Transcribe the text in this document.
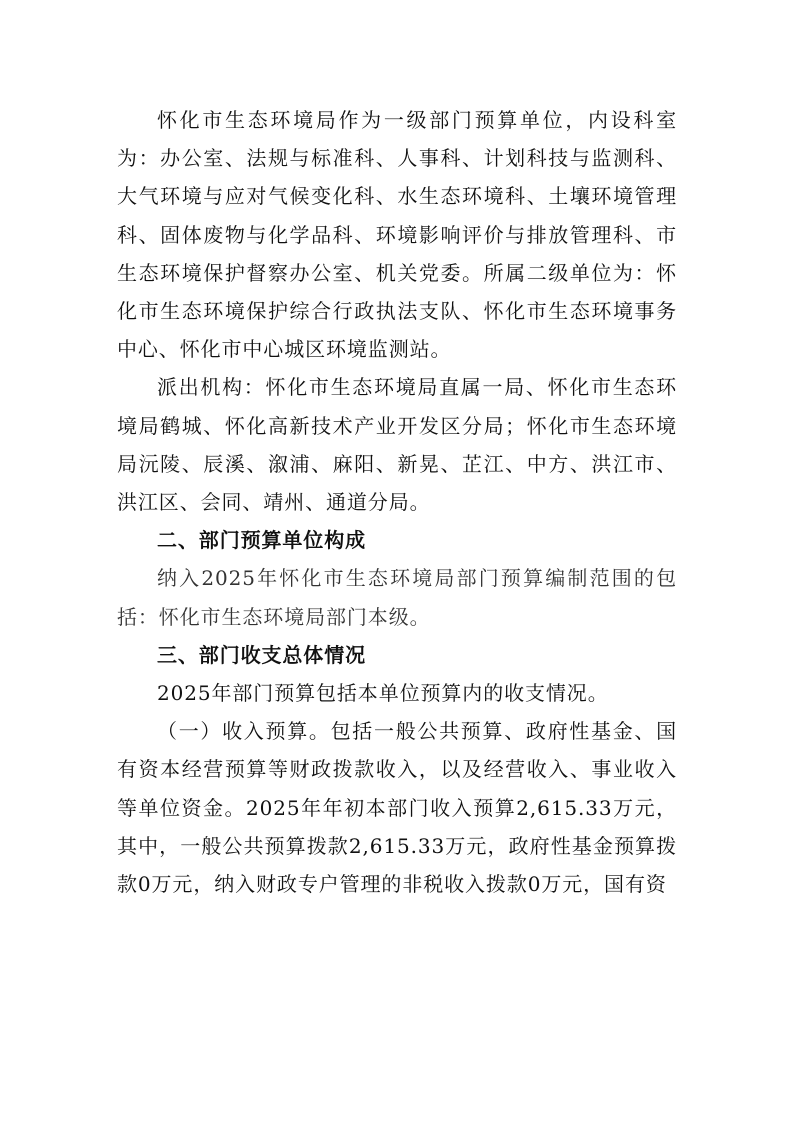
怀化市生态环境局作为一级部门预算单位，内设科室为：办公室、法规与标准科、人事科、计划科技与监测科、大气环境与应对气候变化科、水生态环境科、土壤环境管理科、固体废物与化学品科、环境影响评价与排放管理科、市生态环境保护督察办公室、机关党委。所属二级单位为：怀化市生态环境保护综合行政执法支队、怀化市生态环境事务中心、怀化市中心城区环境监测站。

派出机构：怀化市生态环境局直属一局、怀化市生态环境局鹤城、怀化高新技术产业开发区分局；怀化市生态环境局沅陵、辰溪、溆浦、麻阳、新晃、芷江、中方、洪江市、洪江区、会同、靖州、通道分局。

二、部门预算单位构成

纳入2025年怀化市生态环境局部门预算编制范围的包括：怀化市生态环境局部门本级。

三、部门收支总体情况

2025年部门预算包括本单位预算内的收支情况。

（一）收入预算。包括一般公共预算、政府性基金、国有资本经营预算等财政拨款收入，以及经营收入、事业收入等单位资金。2025年年初本部门收入预算2,615.33万元，其中，一般公共预算拨款2,615.33万元，政府性基金预算拨款0万元，纳入财政专户管理的非税收入拨款0万元，国有资
